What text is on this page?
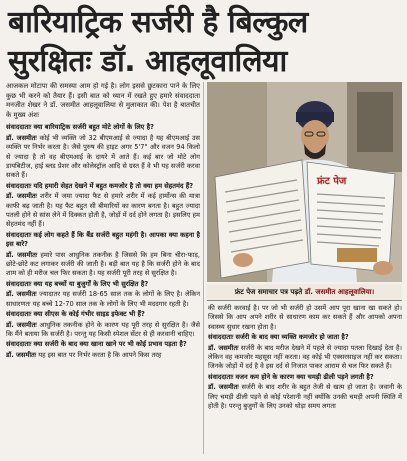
बारियाट्रिक सर्जरी है बिल्कुल
सुरक्षितः डॉ. आहलूवालिया

आजकल मोटापा की समस्या आम हो गई है। लोग इससे छुटकारा पाने के लिए कुछ भी करने को तैयार हैं। इसी बात को ध्यान में रखते हुए हमारे संवाददाता मनजीत शेखर ने डॉ. जसमीत आहलूवालिया से मुलाकात की। पेश है बातचीत के मुख्य अंशः

संवाददाताः क्या बारियाट्रिक सर्जरी बहुत मोटे लोगों के लिए है?

डॉ. जसमीतः कोई भी व्यक्ति जो 32 बीएमआई से ज्यादा है यह बीएमआई उस व्यक्ति पर निर्भर करता है। जैसे पुरुष की हाइट अगर 5'7" और वजन 94 किलो से ज्यादा है तो वह बीएमआई के दायरे में आते हैं। कई बार जो मोटे लोग डायबिटीज, हाई ब्लड प्रेशर और कोलेस्ट्रॉल आदि से ग्रस्त हैं वे भी यह सर्जरी करवा सकते हैं।

संवाददाताः यदि हमारी सेहत देखने में बहुत कमजोर है तो क्या हम सेहतमंद हैं?

डॉ. जसमीतः शरीर में जमा ज्यादा फैट से हमारे शरीर में कई हार्मोन्स की मात्रा काफी बढ़ जाती है। यह फैट बहुत सी बीमारियों का कारण बनता है। बहुत ज्यादा पतली होने से सांस लेने में दिक्कत होती है, जोड़ों में दर्द होने लगता है। इसलिए हम सेहतमंद नहीं हैं।

संवाददाताः कई लोग कहते हैं कि बैंड सर्जरी बहुत महंगी है। आपका क्या कहना है इस बारे?

डॉ. जसमीतः हमारे पास आधुनिक तकनीक है जिससे कि हम बिना चीरा-फाड़, छोटे-छोटे कट लगाकर सर्जरी की जाती है। बड़ी बात यह है कि सर्जरी होने के बाद शाम को ही मरीज चल फिर सकता है। यह सर्जरी पूरी तरह से सुरक्षित है।

संवाददाताः क्या यह बच्चों या बुजुर्गों के लिए भी सुरक्षित है?

डॉ. जसमीतः ज्यादातर यह सर्जरी 18-65 साल तक के लोगों के लिए है। लेकिन साधारणतः यह बच्चे 12-70 साल तक के लोगों के लिए भी मददगार रहती है।

संवाददाताः क्या सीएस के कोई गंभीर साइड इफेक्ट भी हैं?

डॉ. जसमीतः आधुनिक तकनीक होने के कारण यह पूरी तरह से सुरक्षित है। जैसे कि मैंने बताया कि सर्जरी है। परन्तु यह किसी स्पेशल सेंटर से ही करवानी चाहिए।

संवाददाताः क्या सर्जरी के बाद क्या खाना खाने पर भी कोई प्रभाव पड़ता है?

डॉ. जसमीतः यह इस बात पर निर्भर करता है कि आपने किस तरह

फ्रंट पेज
फ्रंट पेज समाचार पत्र पढ़ते डॉ. जसमीत आहलूवालिया।

की सर्जरी करवाई है। पर जो भी सर्जरी हो उसमें आप पूरा खाना खा सकते हो। जिससे कि आप अपने शरीर से साधारण काम कर सकते हैं और आपको अपना स्वास्थ्य सुधार रखना होता है।

संवाददाताः सर्जरी के बाद क्या व्यक्ति कमजोर हो जाता है?

डॉ. जसमीतः सर्जरी के बाद मरीज देखने में पहले से ज्यादा पतला दिखाई देता है। लेकिन वह कमजोर महसूस नहीं करता। वह कोई भी एक्सरसाइज नहीं कर सकता। जिनके जोड़ों में दर्द है वे इस दर्द से निजात पाकर आराम से चल फिर सकते हैं।

संवाददाताः वजन कम होने के कारण क्या चमड़ी ढीली पड़ने लगती है?

डॉ. जसमीतः सर्जरी के बाद शरीर के बहुत तेजी से खत्म हो जाता है। जवानी के लिए चमड़ी ढीली पड़ने से कोई परेशानी नहीं क्योंकि उनकी चमड़ी अपनी स्थिति में होती है। परन्तु बुजुर्गों के लिए उनको थोड़ा समय लगता
